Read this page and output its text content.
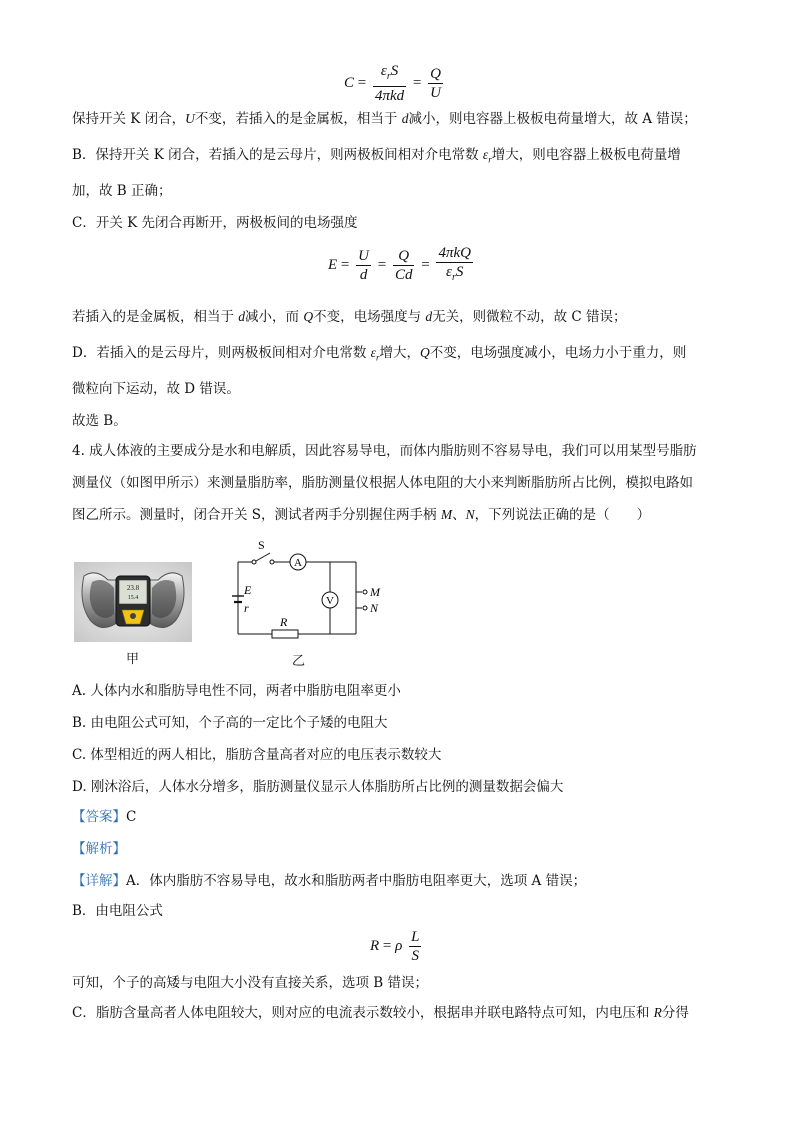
$C = \frac{\varepsilon_rS}{\text{4πkd}} = \frac{Q}{U}$
保持开关 K 闭合，U不变，若插入的是金属板，相当于 d减小，则电容器上极板电荷量增大，故 A 错误；
B．保持开关 K 闭合，若插入的是云母片，则两极板间相对介电常数 $\varepsilon_r$增大，则电容器上极板电荷量增
加，故 B 正确；
C．开关 K 先闭合再断开，两极板间的电场强度
$E = \frac{U}{d} = \frac{Q}{Cd} = \frac{\text{4πkQ}}{\varepsilon_rS}$
若插入的是金属板，相当于 d减小，而 Q不变，电场强度与 d无关，则微粒不动，故 C 错误；
D．若插入的是云母片，则两极板间相对介电常数 $\varepsilon_r$增大，Q不变，电场强度减小，电场力小于重力，则
微粒向下运动，故 D 错误。
故选 B。
4. 成人体液的主要成分是水和电解质，因此容易导电，而体内脂肪则不容易导电，我们可以用某型号脂肪
测量仪（如图甲所示）来测量脂肪率，脂肪测量仪根据人体电阻的大小来判断脂肪所占比例，模拟电路如
图乙所示。测量时，闭合开关 S，测试者两手分别握住两手柄 M、N，下列说法正确的是（　　）
23.8
15.4
甲
S
A
V
E
r
R
M
N
乙
A. 人体内水和脂肪导电性不同，两者中脂肪电阻率更小
B. 由电阻公式可知，个子高的一定比个子矮的电阻大
C. 体型相近的两人相比，脂肪含量高者对应的电压表示数较大
D. 刚沐浴后，人体水分增多，脂肪测量仪显示人体脂肪所占比例的测量数据会偏大
【答案】C
【解析】
【详解】A．体内脂肪不容易导电，故水和脂肪两者中脂肪电阻率更大，选项 A 错误；
B．由电阻公式
R = ρ $\frac{L}{S}$
可知，个子的高矮与电阻大小没有直接关系，选项 B 错误；
C．脂肪含量高者人体电阻较大，则对应的电流表示数较小，根据串并联电路特点可知，内电压和 R分得
